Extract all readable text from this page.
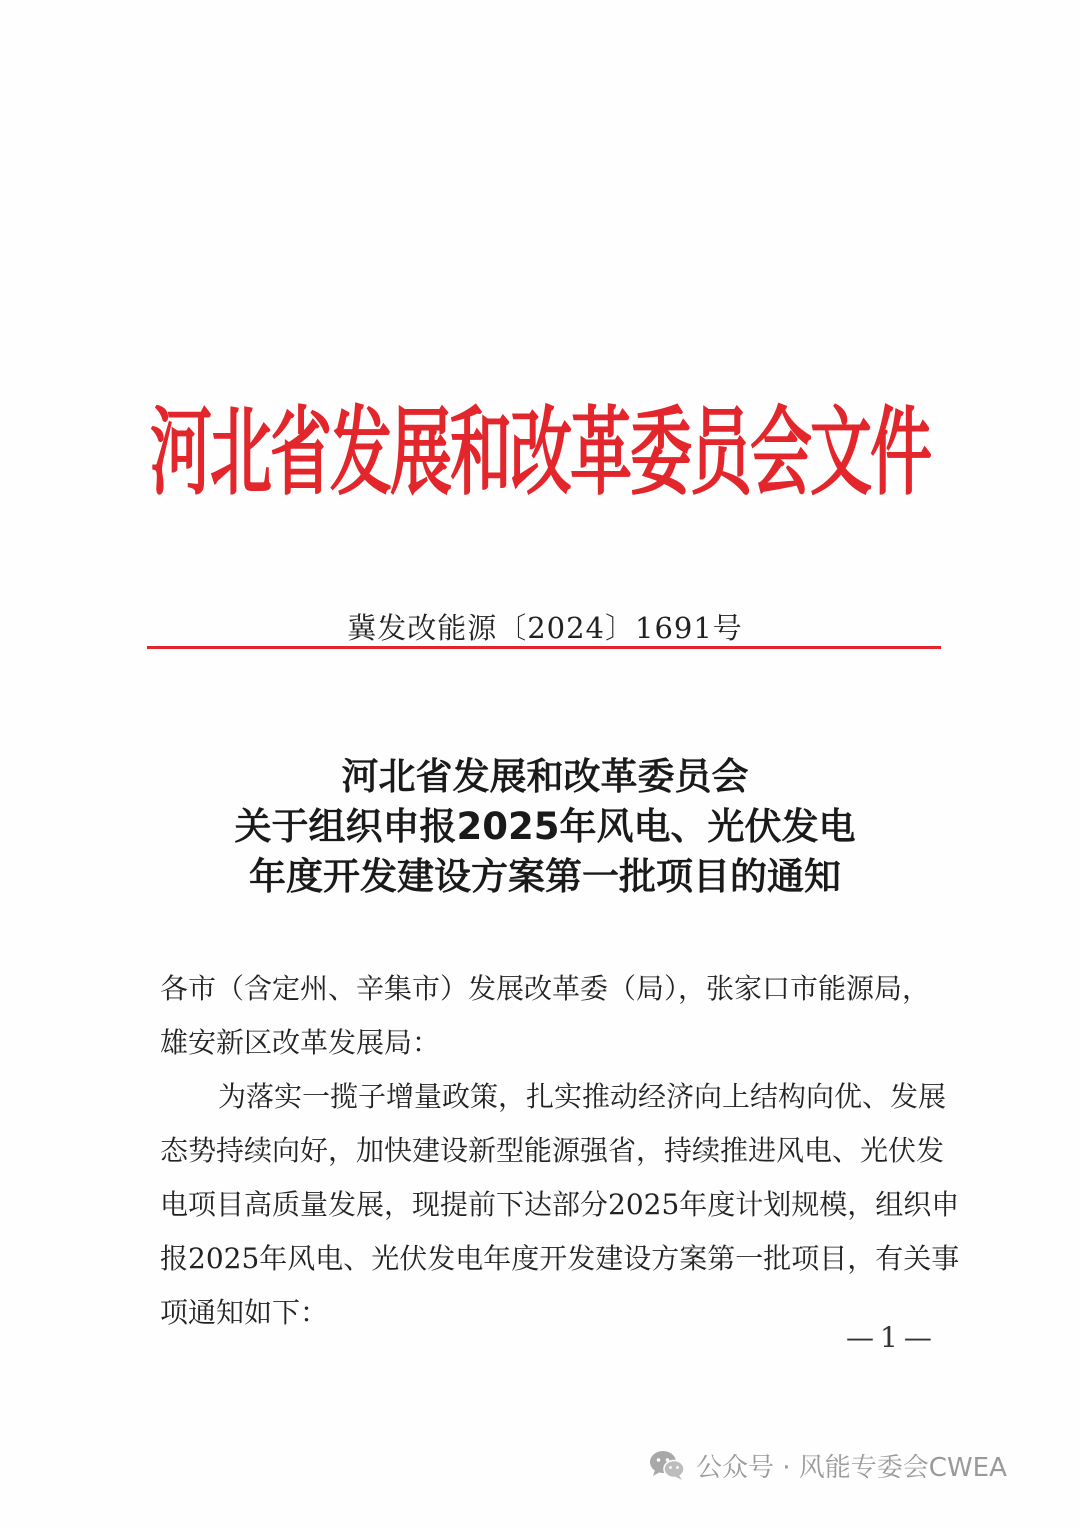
河北省发展和改革委员会文件
冀发改能源〔2024〕1691号
河北省发展和改革委员会
关于组织申报2025年风电、光伏发电
年度开发建设方案第一批项目的通知
各市（含定州、辛集市）发展改革委（局），张家口市能源局，
雄安新区改革发展局：
为落实一揽子增量政策，扎实推动经济向上结构向优、发展
态势持续向好，加快建设新型能源强省，持续推进风电、光伏发
电项目高质量发展，现提前下达部分2025年度计划规模，组织申
报2025年风电、光伏发电年度开发建设方案第一批项目，有关事
项通知如下：
—1—
公众号 · 风能专委会CWEA
